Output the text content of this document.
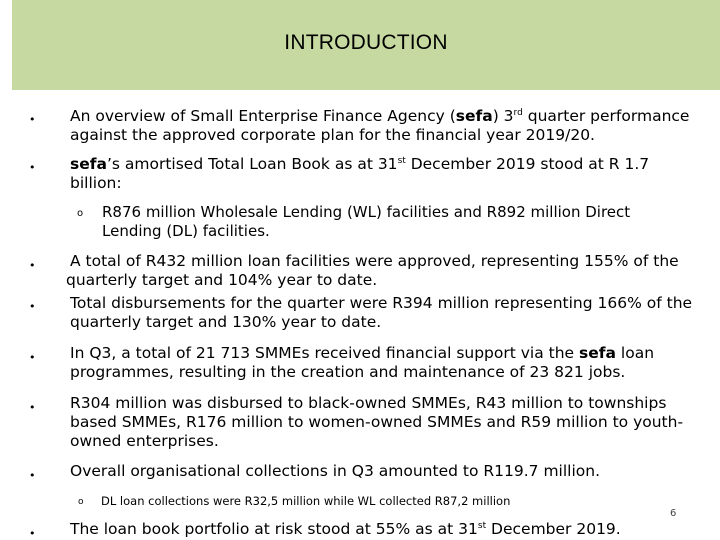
INTRODUCTION
• An overview of Small Enterprise Finance Agency (sefa) 3rd quarter performance
against the approved corporate plan for the financial year 2019/20.
• sefa’s amortised Total Loan Book as at 31st December 2019 stood at R 1.7
billion:
o R876 million Wholesale Lending (WL) facilities and R892 million Direct
Lending (DL) facilities.
• A total of R432 million loan facilities were approved, representing 155% of the
quarterly target and 104% year to date.
• Total disbursements for the quarter were R394 million representing 166% of the
quarterly target and 130% year to date.
• In Q3, a total of 21 713 SMMEs received financial support via the sefa loan
programmes, resulting in the creation and maintenance of 23 821 jobs.
• R304 million was disbursed to black-owned SMMEs, R43 million to townships
based SMMEs, R176 million to women-owned SMMEs and R59 million to youth-
owned enterprises.
• Overall organisational collections in Q3 amounted to R119.7 million.
o DL loan collections were R32,5 million while WL collected R87,2 million
• The loan book portfolio at risk stood at 55% as at 31st December 2019.
6
